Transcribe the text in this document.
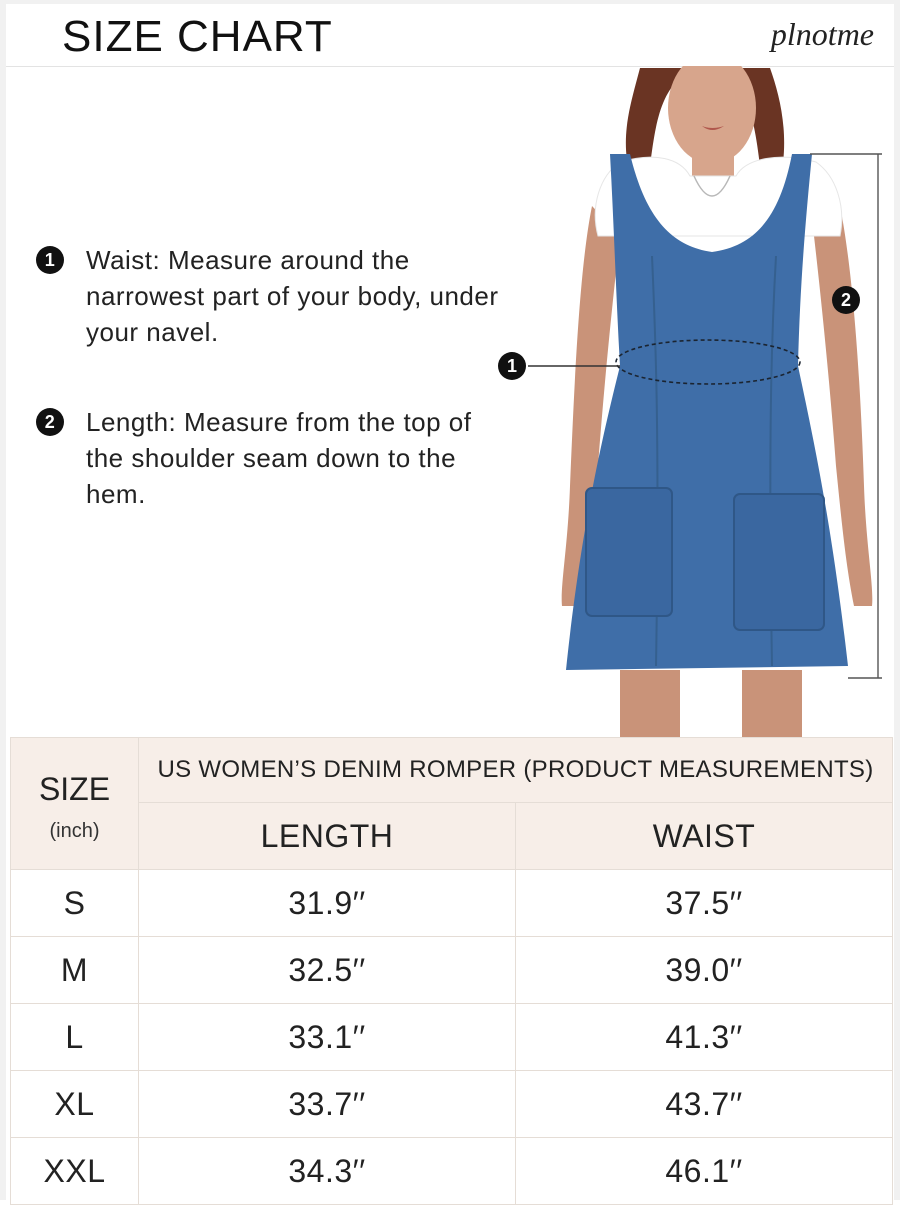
SIZE CHART	plnotme
1	Waist: Measure around the narrowest part of your body, under your navel.
2	Length: Measure from the top of the shoulder seam down to the hem.
1
2
SIZE
(inch)	US WOMEN’S DENIM ROMPER (PRODUCT MEASUREMENTS)	
	LENGTH	WAIST
S	31.9′′	37.5′′
M	32.5′′	39.0′′
L	33.1′′	41.3′′
XL	33.7′′	43.7′′
XXL	34.3′′	46.1′′
